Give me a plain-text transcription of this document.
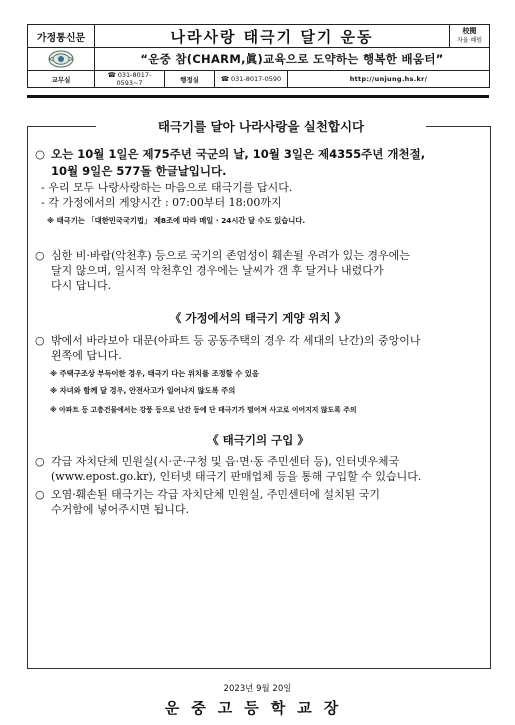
가정통신문	나라사랑 태극기 달기 운동				校閱
자율 혜원

	“운중 참(CHARM,眞)교육으로 도약하는 행복한 배움터”				
교무실	☎ 031-8017-0593~7	행정실	☎ 031-8017-0590	http://unjung.hs.kr/	
태극기를 달아 나라사랑을 실천합시다
○ 오는 10월 1일은 제75주년 국군의 날, 10월 3일은 제4355주년 개천절,
10월 9일은 577돌 한글날입니다.
- 우리 모두 나랑사랑하는 마음으로 태극기를 답시다.
- 각 가정에서의 게양시간 : 07:00부터 18:00까지
※ 태극기는 「대한민국국기법」 제8조에 따라 매일 · 24시간 달 수도 있습니다.
○ 심한 비·바람(악천후) 등으로 국기의 존엄성이 훼손될 우려가 있는 경우에는
달지 않으며, 일시적 악천후인 경우에는 날씨가 갠 후 달거나 내렸다가
다시 답니다.
《 가정에서의 태극기 게양 위치 》
○ 밖에서 바라보아 대문(아파트 등 공동주택의 경우 각 세대의 난간)의 중앙이나
왼쪽에 답니다.
※ 주택구조상 부득이한 경우, 태극기 다는 위치를 조정할 수 있음
※ 자녀와 함께 달 경우, 안전사고가 일어나지 않도록 주의
※ 아파트 등 고층건물에서는 강풍 등으로 난간 등에 단 태극기가 떨어져 사고로 이어지지 않도록 주의
《 태극기의 구입 》
○ 각급 자치단체 민원실(시·군·구청 및 읍·면·동 주민센터 등), 인터넷우체국
(www.epost.go.kr), 인터넷 태극기 판매업체 등을 통해 구입할 수 있습니다.
○ 오염·훼손된 태극기는 각급 자치단체 민원실, 주민센터에 설치된 국기
수거함에 넣어주시면 됩니다.
2023년 9월 20일
운중고등학교장
